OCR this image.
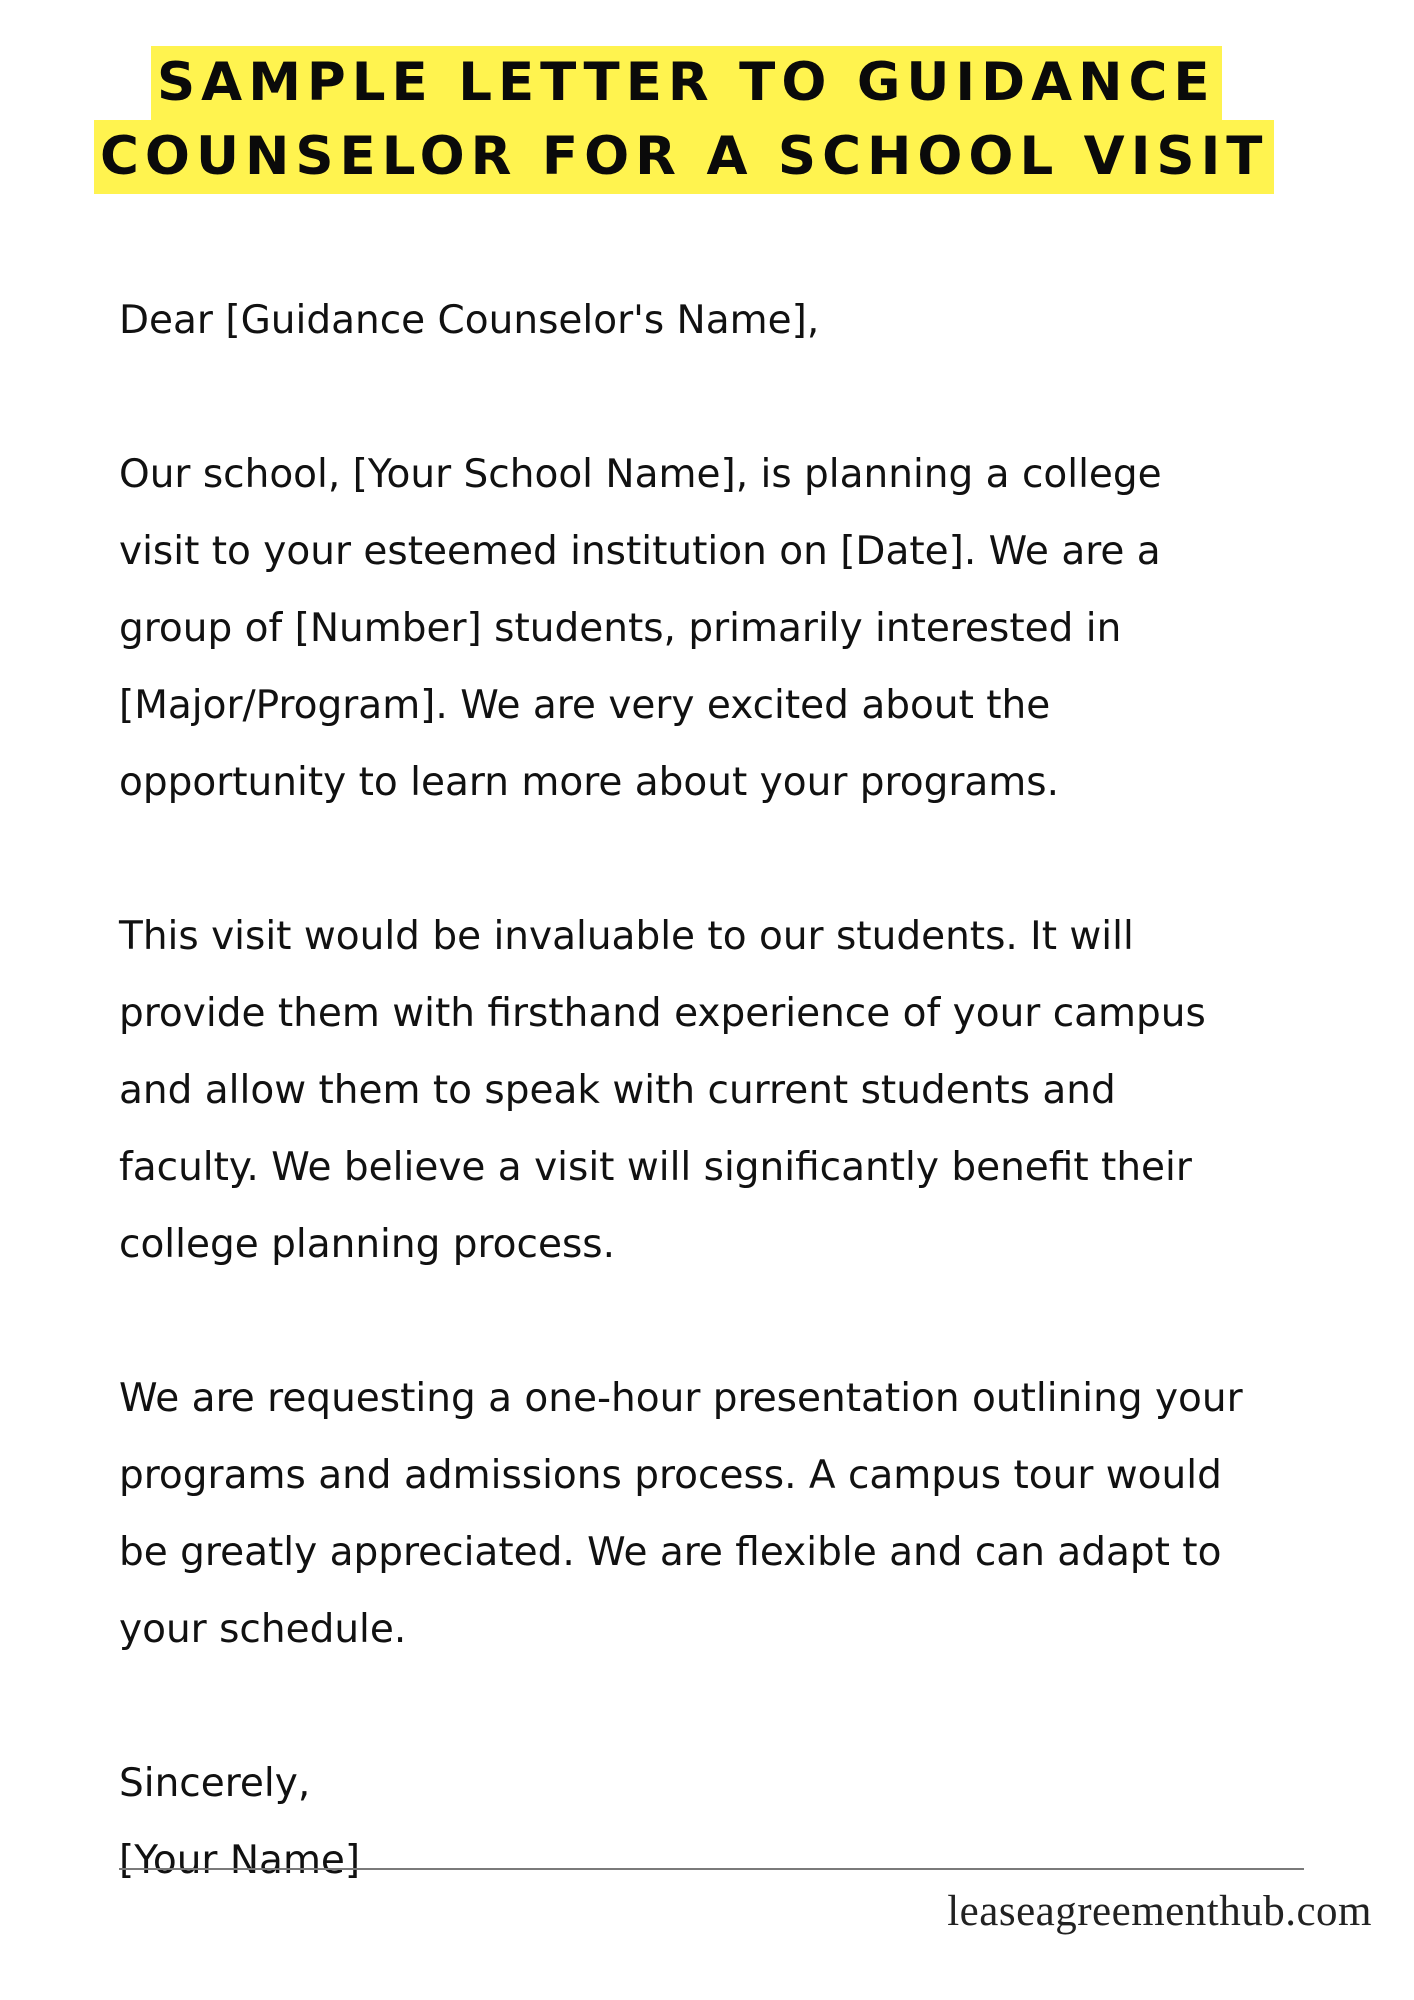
SAMPLE LETTER TO GUIDANCE
COUNSELOR FOR A SCHOOL VISIT

Dear [Guidance Counselor's Name],

Our school, [Your School Name], is planning a college
visit to your esteemed institution on [Date]. We are a
group of [Number] students, primarily interested in
[Major/Program]. We are very excited about the
opportunity to learn more about your programs.

This visit would be invaluable to our students. It will
provide them with firsthand experience of your campus
and allow them to speak with current students and
faculty. We believe a visit will significantly benefit their
college planning process.

We are requesting a one-hour presentation outlining your
programs and admissions process. A campus tour would
be greatly appreciated. We are flexible and can adapt to
your schedule.

Sincerely,
[Your Name]
leaseagreementhub.com
